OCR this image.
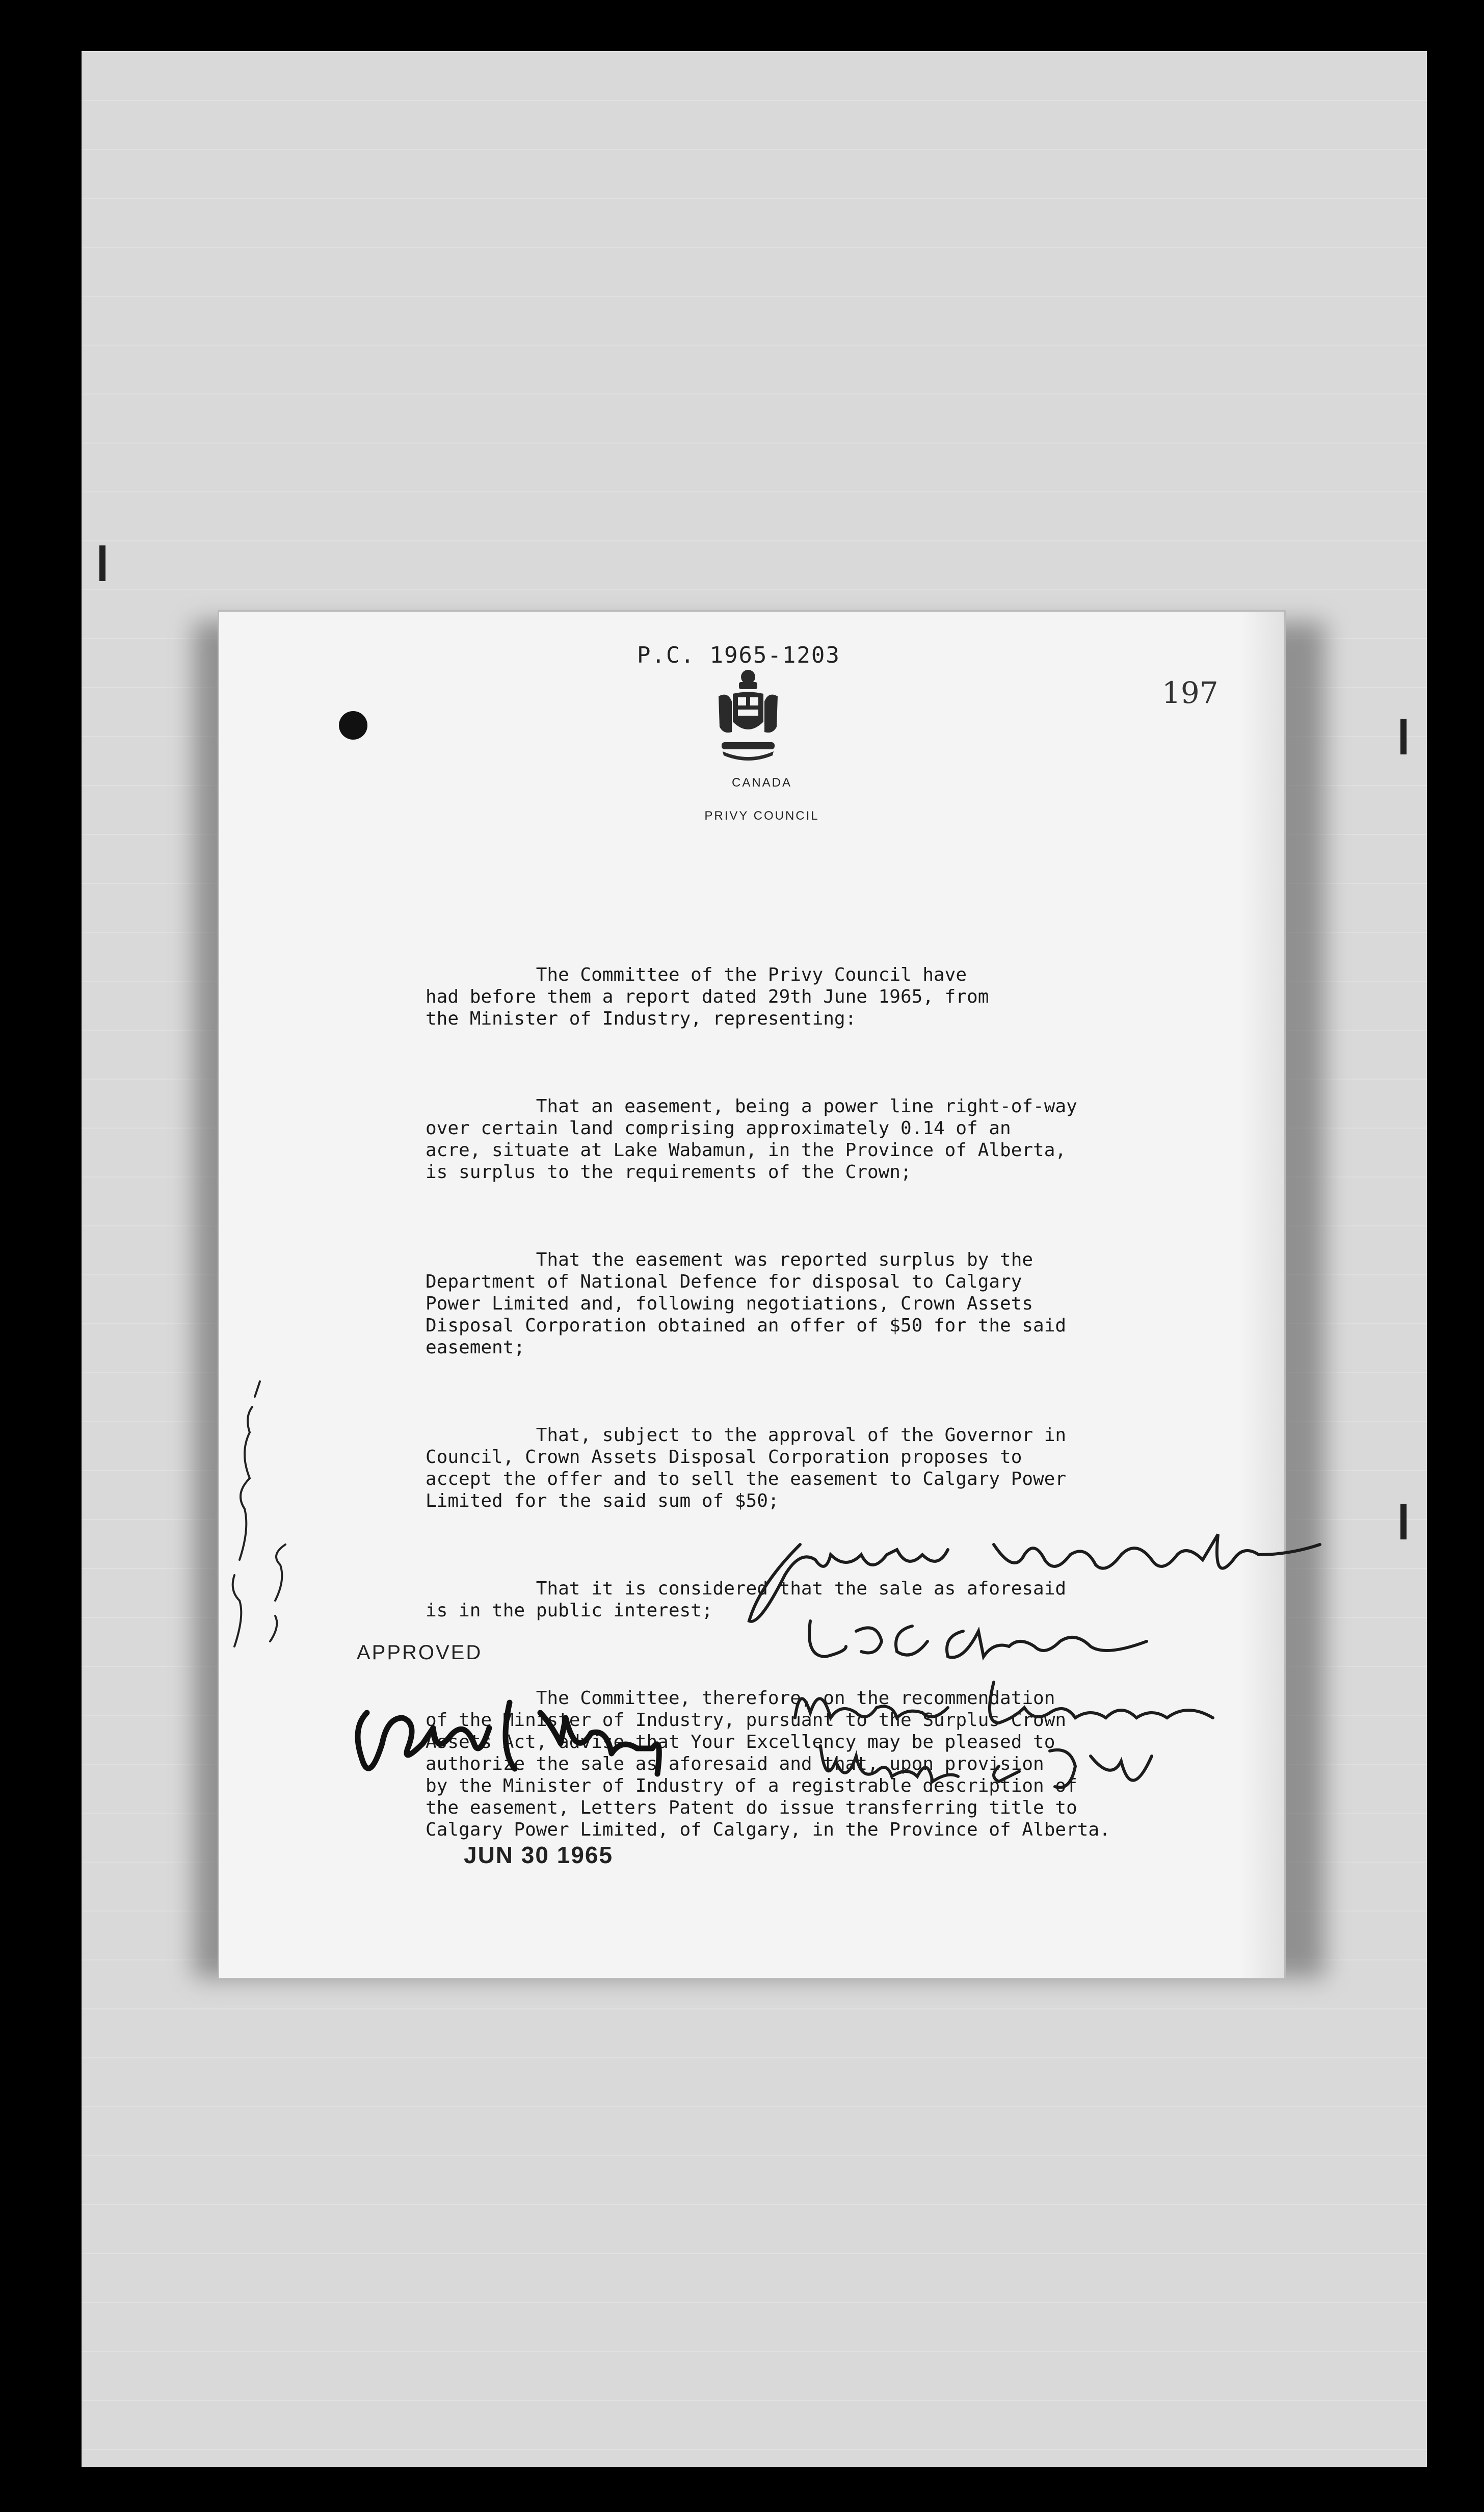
P.C. 1965-1203
197
CANADA
PRIVY COUNCIL

The Committee of the Privy Council have
had before them a report dated 29th June 1965, from
the Minister of Industry, representing:

That an easement, being a power line right-of-way
over certain land comprising approximately 0.14 of an
acre, situate at Lake Wabamun, in the Province of Alberta,
is surplus to the requirements of the Crown;

That the easement was reported surplus by the
Department of National Defence for disposal to Calgary
Power Limited and, following negotiations, Crown Assets
Disposal Corporation obtained an offer of $50 for the said
easement;

That, subject to the approval of the Governor in
Council, Crown Assets Disposal Corporation proposes to
accept the offer and to sell the easement to Calgary Power
Limited for the said sum of $50;

That it is considered that the sale as aforesaid
is in the public interest;

The Committee, therefore, on the recommendation
of the Minister of Industry, pursuant to the Surplus Crown
Assets Act, advise that Your Excellency may be pleased to
authorize the sale as aforesaid and that, upon provision
by the Minister of Industry of a registrable description of
the easement, Letters Patent do issue transferring title to
Calgary Power Limited, of Calgary, in the Province of Alberta.

APPROVED
JUN 30 1965
